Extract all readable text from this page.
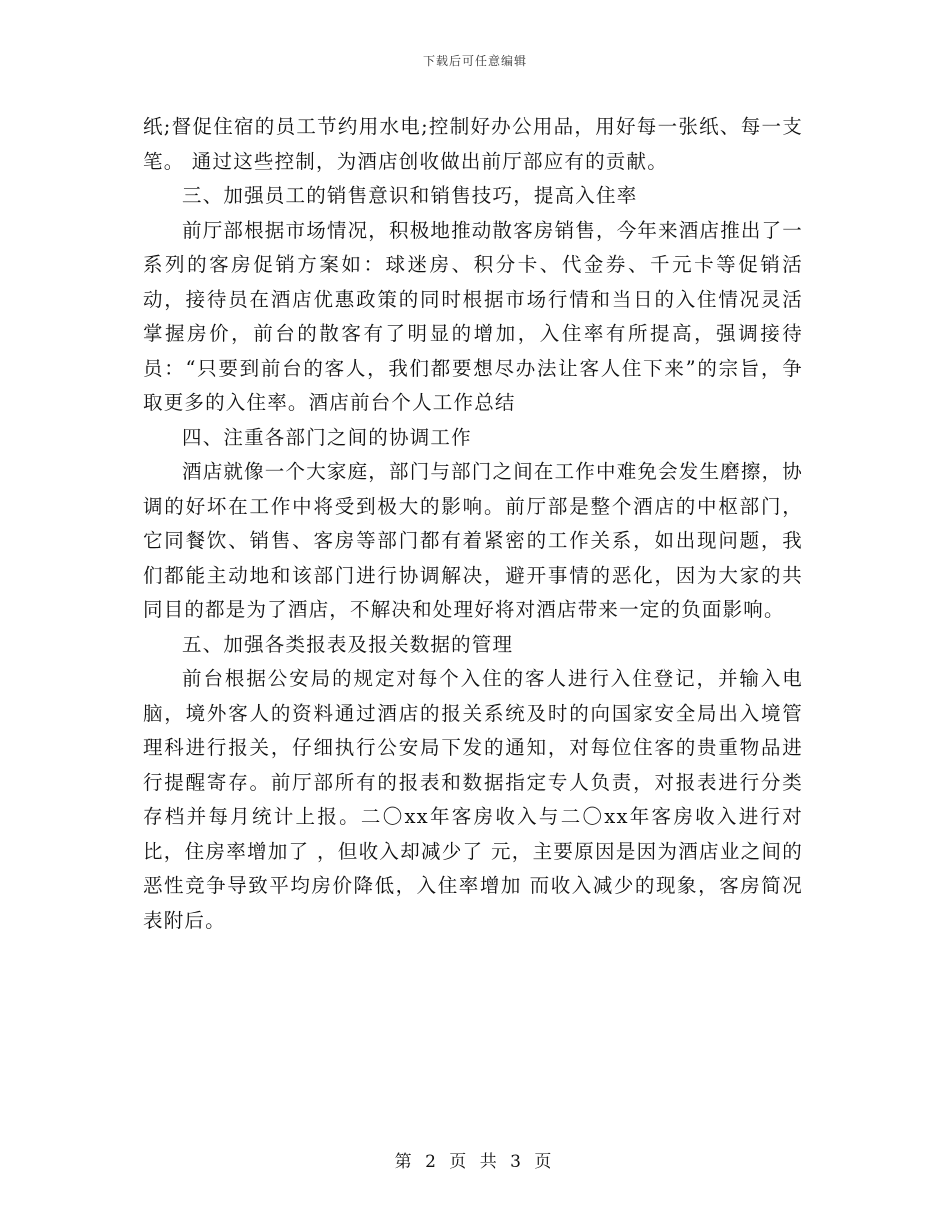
下载后可任意编辑

纸;督促住宿的员工节约用水电;控制好办公用品，用好每一张纸、每一支笔。 通过这些控制，为酒店创收做出前厅部应有的贡献。

三、加强员工的销售意识和销售技巧，提高入住率

前厅部根据市场情况，积极地推动散客房销售，今年来酒店推出了一系列的客房促销方案如：球迷房、积分卡、代金券、千元卡等促销活动，接待员在酒店优惠政策的同时根据市场行情和当日的入住情况灵活掌握房价，前台的散客有了明显的增加，入住率有所提高，强调接待员：“只要到前台的客人，我们都要想尽办法让客人住下来”的宗旨，争取更多的入住率。酒店前台个人工作总结

四、注重各部门之间的协调工作

酒店就像一个大家庭，部门与部门之间在工作中难免会发生磨擦，协调的好坏在工作中将受到极大的影响。前厅部是整个酒店的中枢部门，它同餐饮、销售、客房等部门都有着紧密的工作关系，如出现问题，我们都能主动地和该部门进行协调解决，避开事情的恶化，因为大家的共同目的都是为了酒店，不解决和处理好将对酒店带来一定的负面影响。

五、加强各类报表及报关数据的管理

前台根据公安局的规定对每个入住的客人进行入住登记，并输入电脑，境外客人的资料通过酒店的报关系统及时的向国家安全局出入境管理科进行报关，仔细执行公安局下发的通知，对每位住客的贵重物品进行提醒寄存。前厅部所有的报表和数据指定专人负责，对报表进行分类存档并每月统计上报。二〇xx年客房收入与二〇xx年客房收入进行对比，住房率增加了 ，但收入却减少了 元，主要原因是因为酒店业之间的恶性竞争导致平均房价降低，入住率增加 而收入减少的现象，客房简况表附后。

第 2 页 共 3 页
